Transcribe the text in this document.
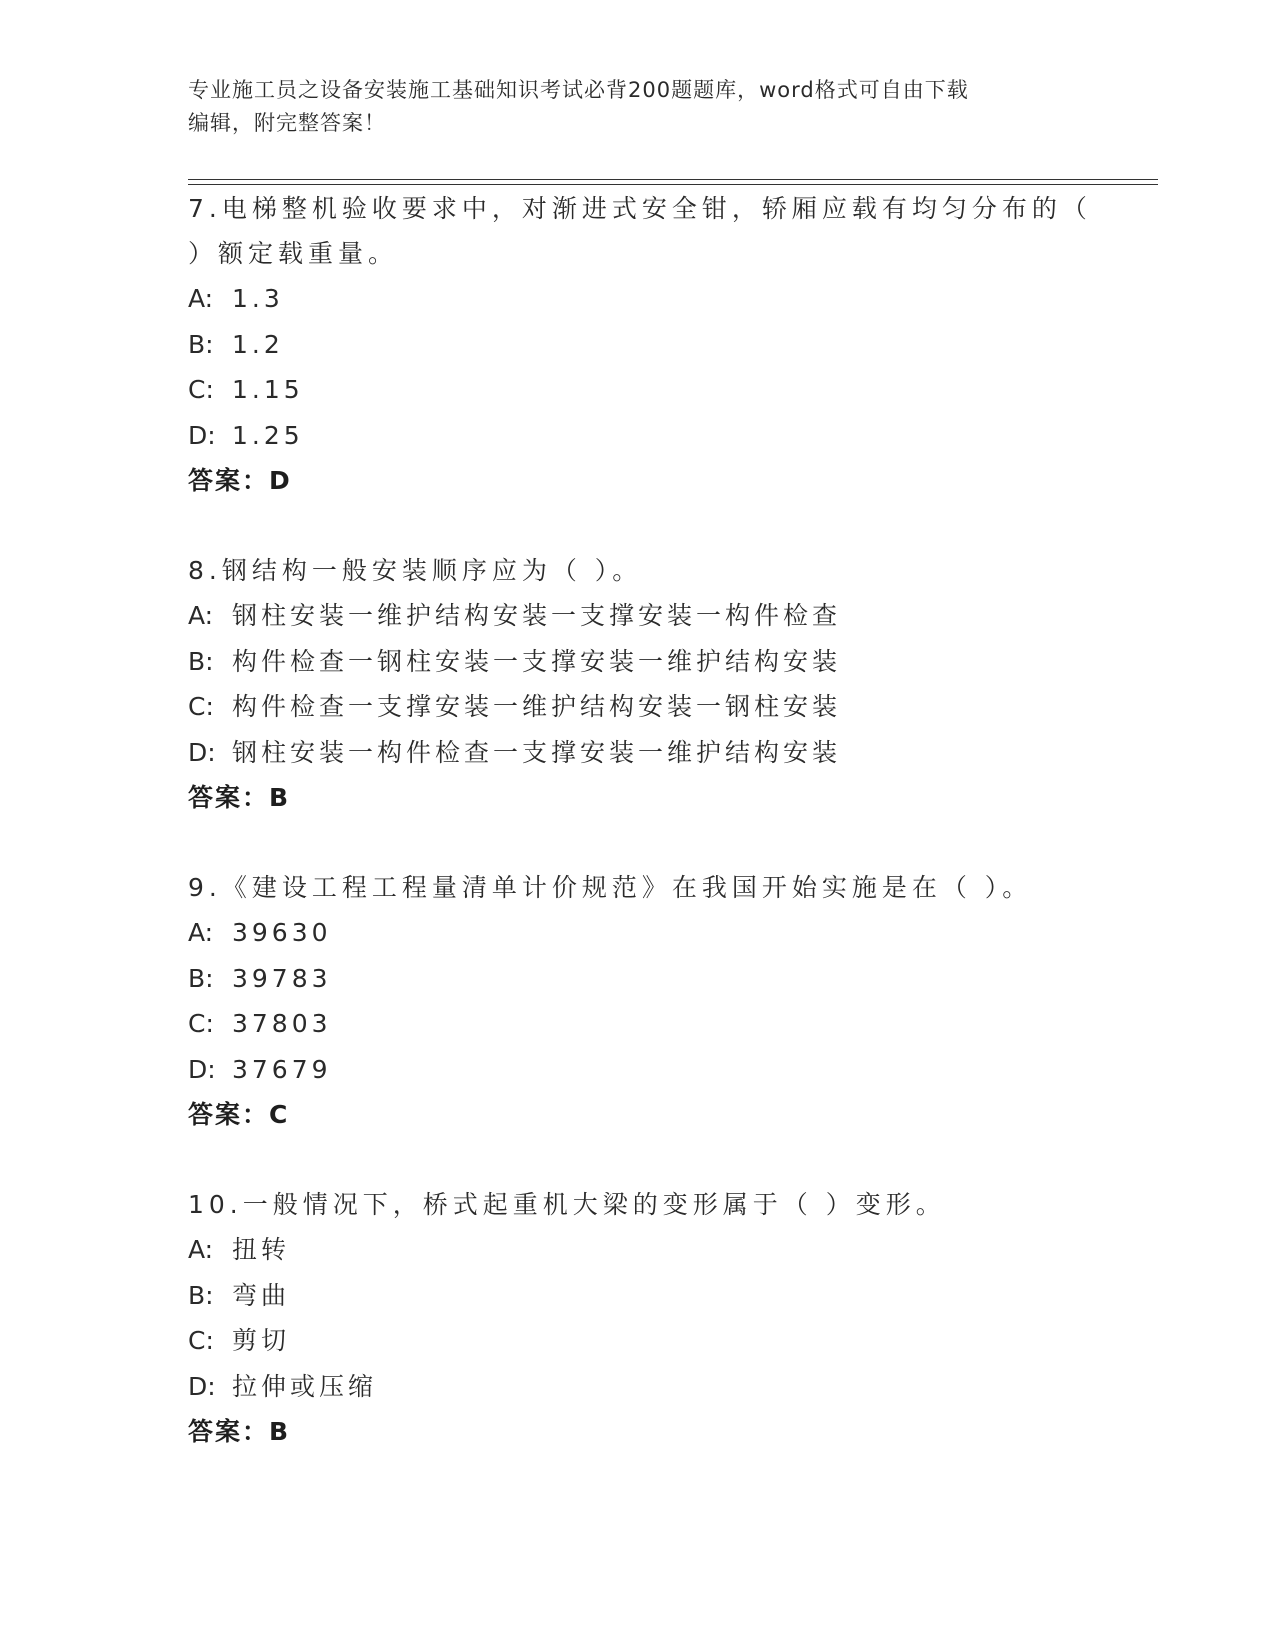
专业施工员之设备安装施工基础知识考试必背200题题库，word格式可自由下载
编辑，附完整答案！

7.电梯整机验收要求中，对渐进式安全钳，轿厢应载有均匀分布的（

）额定载重量。

A: 1.3

B: 1.2

C: 1.15

D: 1.25

答案：D

8.钢结构一般安装顺序应为（ ）。

A: 钢柱安装一维护结构安装一支撑安装一构件检查

B: 构件检查一钢柱安装一支撑安装一维护结构安装

C: 构件检查一支撑安装一维护结构安装一钢柱安装

D: 钢柱安装一构件检查一支撑安装一维护结构安装

答案：B

9.《建设工程工程量清单计价规范》在我国开始实施是在（ ）。

A: 39630

B: 39783

C: 37803

D: 37679

答案：C

10.一般情况下，桥式起重机大梁的变形属于（ ）变形。

A: 扭转

B: 弯曲

C: 剪切

D: 拉伸或压缩

答案：B
